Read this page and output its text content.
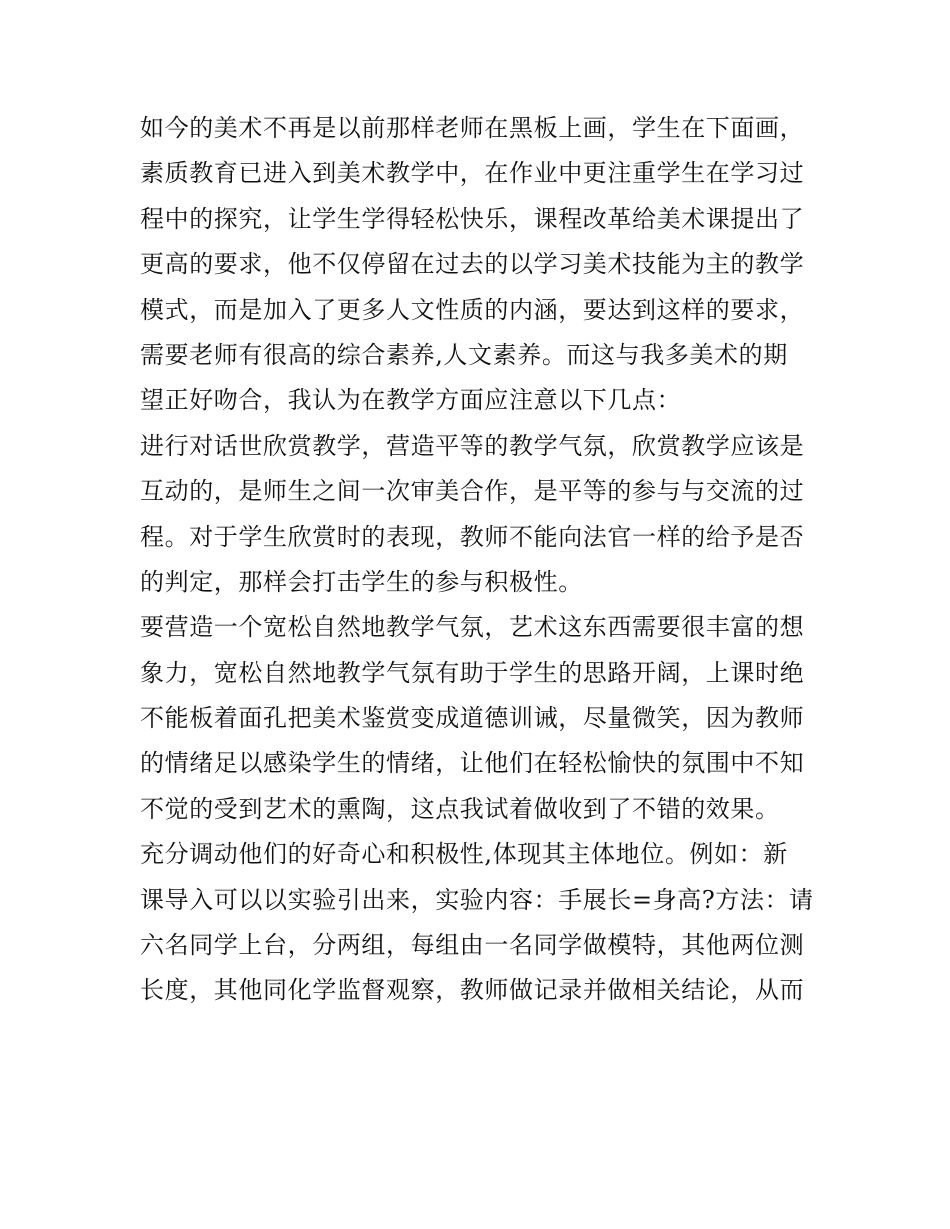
如今的美术不再是以前那样老师在黑板上画，学生在下面画，
素质教育已进入到美术教学中，在作业中更注重学生在学习过
程中的探究，让学生学得轻松快乐，课程改革给美术课提出了
更高的要求，他不仅停留在过去的以学习美术技能为主的教学
模式，而是加入了更多人文性质的内涵，要达到这样的要求，
需要老师有很高的综合素养,人文素养。而这与我多美术的期
望正好吻合，我认为在教学方面应注意以下几点：
进行对话世欣赏教学，营造平等的教学气氛，欣赏教学应该是
互动的，是师生之间一次审美合作，是平等的参与与交流的过
程。对于学生欣赏时的表现，教师不能向法官一样的给予是否
的判定，那样会打击学生的参与积极性。
要营造一个宽松自然地教学气氛，艺术这东西需要很丰富的想
象力，宽松自然地教学气氛有助于学生的思路开阔，上课时绝
不能板着面孔把美术鉴赏变成道德训诫，尽量微笑，因为教师
的情绪足以感染学生的情绪，让他们在轻松愉快的氛围中不知
不觉的受到艺术的熏陶，这点我试着做收到了不错的效果。
充分调动他们的好奇心和积极性,体现其主体地位。例如：新
课导入可以以实验引出来，实验内容：手展长=身高?方法：请
六名同学上台，分两组，每组由一名同学做模特，其他两位测
长度，其他同化学监督观察，教师做记录并做相关结论，从而
